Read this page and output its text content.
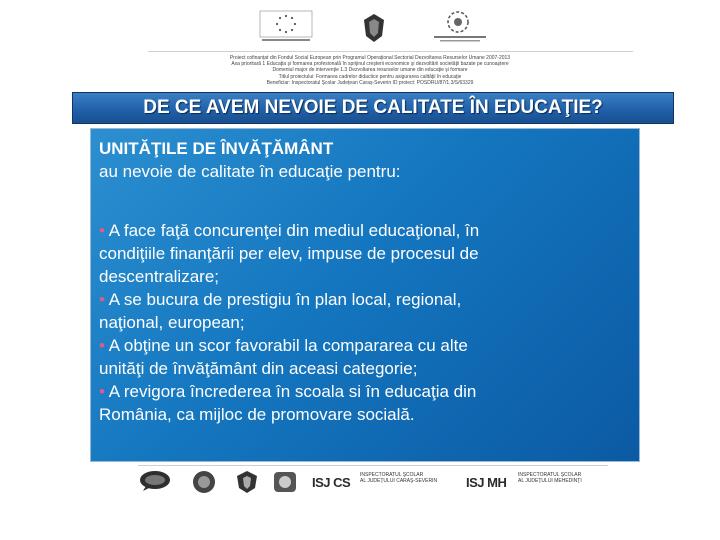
Proiect cofinanţat din Fondul Social European prin Programul Operaţional Sectorial Dezvoltarea Resurselor Umane 2007-2013
Axa prioritară 1 Educaţia şi formarea profesională în sprijinul creşterii economice şi dezvoltării societăţii bazate pe cunoaştere
Domeniul major de intervenţie 1.3 Dezvoltarea resurselor umane din educaţie şi formare
Titlul proiectului: Formarea cadrelor didactice pentru asigurarea calităţii în educaţie
Beneficiar: Inspectoratul Şcolar Judeţean Caraş-Severin ID proiect: POSDRU/87/1.3/S/63329
DE CE AVEM NEVOIE DE CALITATE ÎN EDUCAŢIE?
UNITĂŢILE DE ÎNVĂŢĂMÂNT
au nevoie de calitate în educaţie pentru:
• A face faţă concurenţei din mediul educaţional, în
condiţiile finanţării per elev, impuse de procesul de
descentralizare;
• A se bucura de prestigiu în plan local, regional,
naţional, european;
• A obţine un scor favorabil la compararea cu alte
unităţi de învăţământ din aceasi categorie;
• A revigora încrederea în scoala si în educaţia din
România, ca mijloc de promovare socială.
ISJ CS INSPECTORATUL ŞCOLAR
AL JUDEŢULUI CARAŞ-SEVERIN ISJ MH INSPECTORATUL ŞCOLAR
AL JUDEŢULUI MEHEDINŢI
